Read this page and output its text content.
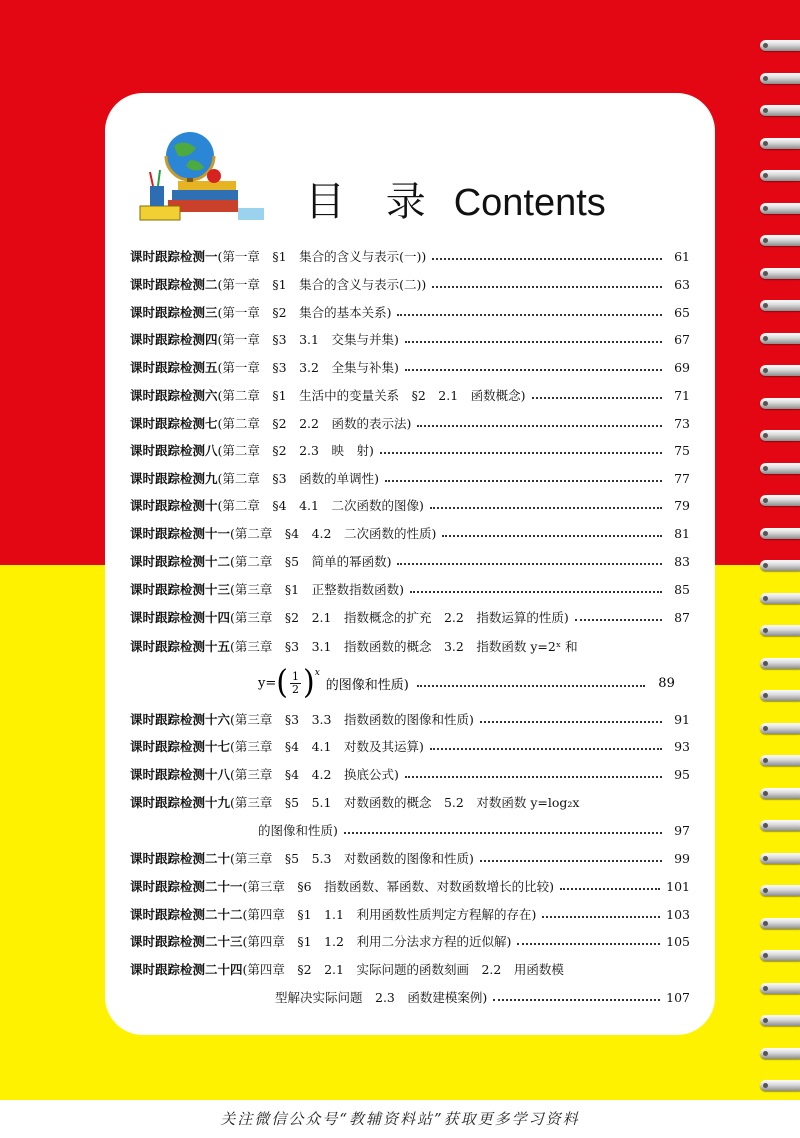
目 录 Contents
课时跟踪检测一 (第一章　§1　集合的含义与表示(一))	61
课时跟踪检测二 (第一章　§1　集合的含义与表示(二))	63
课时跟踪检测三 (第一章　§2　集合的基本关系)	65
课时跟踪检测四 (第一章　§3　3.1　交集与并集)	67
课时跟踪检测五 (第一章　§3　3.2　全集与补集)	69
课时跟踪检测六 (第二章　§1　生活中的变量关系　§2　2.1　函数概念)	71
课时跟踪检测七 (第二章　§2　2.2　函数的表示法)	73
课时跟踪检测八 (第二章　§2　2.3　映　射)	75
课时跟踪检测九 (第二章　§3　函数的单调性)	77
课时跟踪检测十 (第二章　§4　4.1　二次函数的图像)	79
课时跟踪检测十一 (第二章　§4　4.2　二次函数的性质)	81
课时跟踪检测十二 (第二章　§5　简单的幂函数)	83
课时跟踪检测十三 (第三章　§1　正整数指数函数)	85
课时跟踪检测十四 (第三章　§2　2.1　指数概念的扩充　2.2　指数运算的性质)	87
课时跟踪检测十五 (第三章　§3　3.1　指数函数的概念　3.2　指数函数 y=2ˣ 和
y= ( $\frac{1}{2} )^x$
的图像和性质)	89
课时跟踪检测十六 (第三章　§3　3.3　指数函数的图像和性质)	91
课时跟踪检测十七 (第三章　§4　4.1　对数及其运算)	93
课时跟踪检测十八 (第三章　§4　4.2　换底公式)	95
课时跟踪检测十九 (第三章　§5　5.1　对数函数的概念　5.2　对数函数 y=log₂x
的图像和性质)	97
课时跟踪检测二十 (第三章　§5　5.3　对数函数的图像和性质)	99
课时跟踪检测二十一 (第三章　§6　指数函数、幂函数、对数函数增长的比较)	101
课时跟踪检测二十二 (第四章　§1　1.1　利用函数性质判定方程解的存在)	103
课时跟踪检测二十三 (第四章　§1　1.2　利用二分法求方程的近似解)	105
课时跟踪检测二十四 (第四章　§2　2.1　实际问题的函数刻画　2.2　用函数模
型解决实际问题　2.3　函数建模案例)	107
关注微信公众号“教辅资料站”获取更多学习资料
